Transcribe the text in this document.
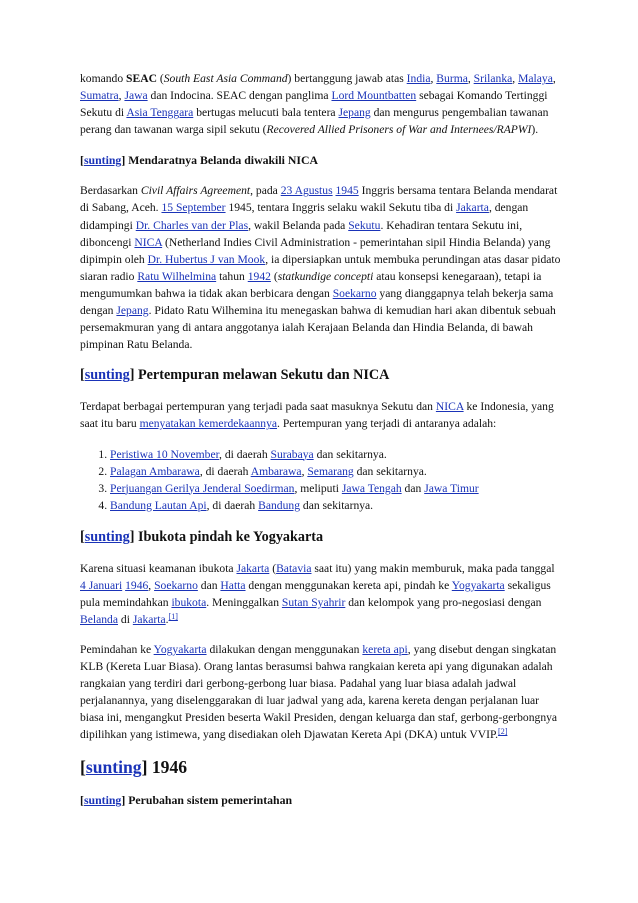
komando SEAC (South East Asia Command) bertanggung jawab atas India, Burma, Srilanka, Malaya, Sumatra, Jawa dan Indocina. SEAC dengan panglima Lord Mountbatten sebagai Komando Tertinggi Sekutu di Asia Tenggara bertugas melucuti bala tentera Jepang dan mengurus pengembalian tawanan perang dan tawanan warga sipil sekutu (Recovered Allied Prisoners of War and Internees/RAPWI).

[sunting] Mendaratnya Belanda diwakili NICA

Berdasarkan Civil Affairs Agreement, pada 23 Agustus 1945 Inggris bersama tentara Belanda mendarat di Sabang, Aceh. 15 September 1945, tentara Inggris selaku wakil Sekutu tiba di Jakarta, dengan didampingi Dr. Charles van der Plas, wakil Belanda pada Sekutu. Kehadiran tentara Sekutu ini, diboncengi NICA (Netherland Indies Civil Administration - pemerintahan sipil Hindia Belanda) yang dipimpin oleh Dr. Hubertus J van Mook, ia dipersiapkan untuk membuka perundingan atas dasar pidato siaran radio Ratu Wilhelmina tahun 1942 (statkundige concepti atau konsepsi kenegaraan), tetapi ia mengumumkan bahwa ia tidak akan berbicara dengan Soekarno yang dianggapnya telah bekerja sama dengan Jepang. Pidato Ratu Wilhemina itu menegaskan bahwa di kemudian hari akan dibentuk sebuah persemakmuran yang di antara anggotanya ialah Kerajaan Belanda dan Hindia Belanda, di bawah pimpinan Ratu Belanda.

[sunting] Pertempuran melawan Sekutu dan NICA

Terdapat berbagai pertempuran yang terjadi pada saat masuknya Sekutu dan NICA ke Indonesia, yang saat itu baru menyatakan kemerdekaannya. Pertempuran yang terjadi di antaranya adalah:

1. Peristiwa 10 November, di daerah Surabaya dan sekitarnya.
2. Palagan Ambarawa, di daerah Ambarawa, Semarang dan sekitarnya.
3. Perjuangan Gerilya Jenderal Soedirman, meliputi Jawa Tengah dan Jawa Timur
4. Bandung Lautan Api, di daerah Bandung dan sekitarnya.
[sunting] Ibukota pindah ke Yogyakarta

Karena situasi keamanan ibukota Jakarta (Batavia saat itu) yang makin memburuk, maka pada tanggal 4 Januari 1946, Soekarno dan Hatta dengan menggunakan kereta api, pindah ke Yogyakarta sekaligus pula memindahkan ibukota. Meninggalkan Sutan Syahrir dan kelompok yang pro-negosiasi dengan Belanda di Jakarta.[1]

Pemindahan ke Yogyakarta dilakukan dengan menggunakan kereta api, yang disebut dengan singkatan KLB (Kereta Luar Biasa). Orang lantas berasumsi bahwa rangkaian kereta api yang digunakan adalah rangkaian yang terdiri dari gerbong-gerbong luar biasa. Padahal yang luar biasa adalah jadwal perjalanannya, yang diselenggarakan di luar jadwal yang ada, karena kereta dengan perjalanan luar biasa ini, mengangkut Presiden beserta Wakil Presiden, dengan keluarga dan staf, gerbong-gerbongnya dipilihkan yang istimewa, yang disediakan oleh Djawatan Kereta Api (DKA) untuk VVIP.[2]

[sunting] 1946
[sunting] Perubahan sistem pemerintahan
